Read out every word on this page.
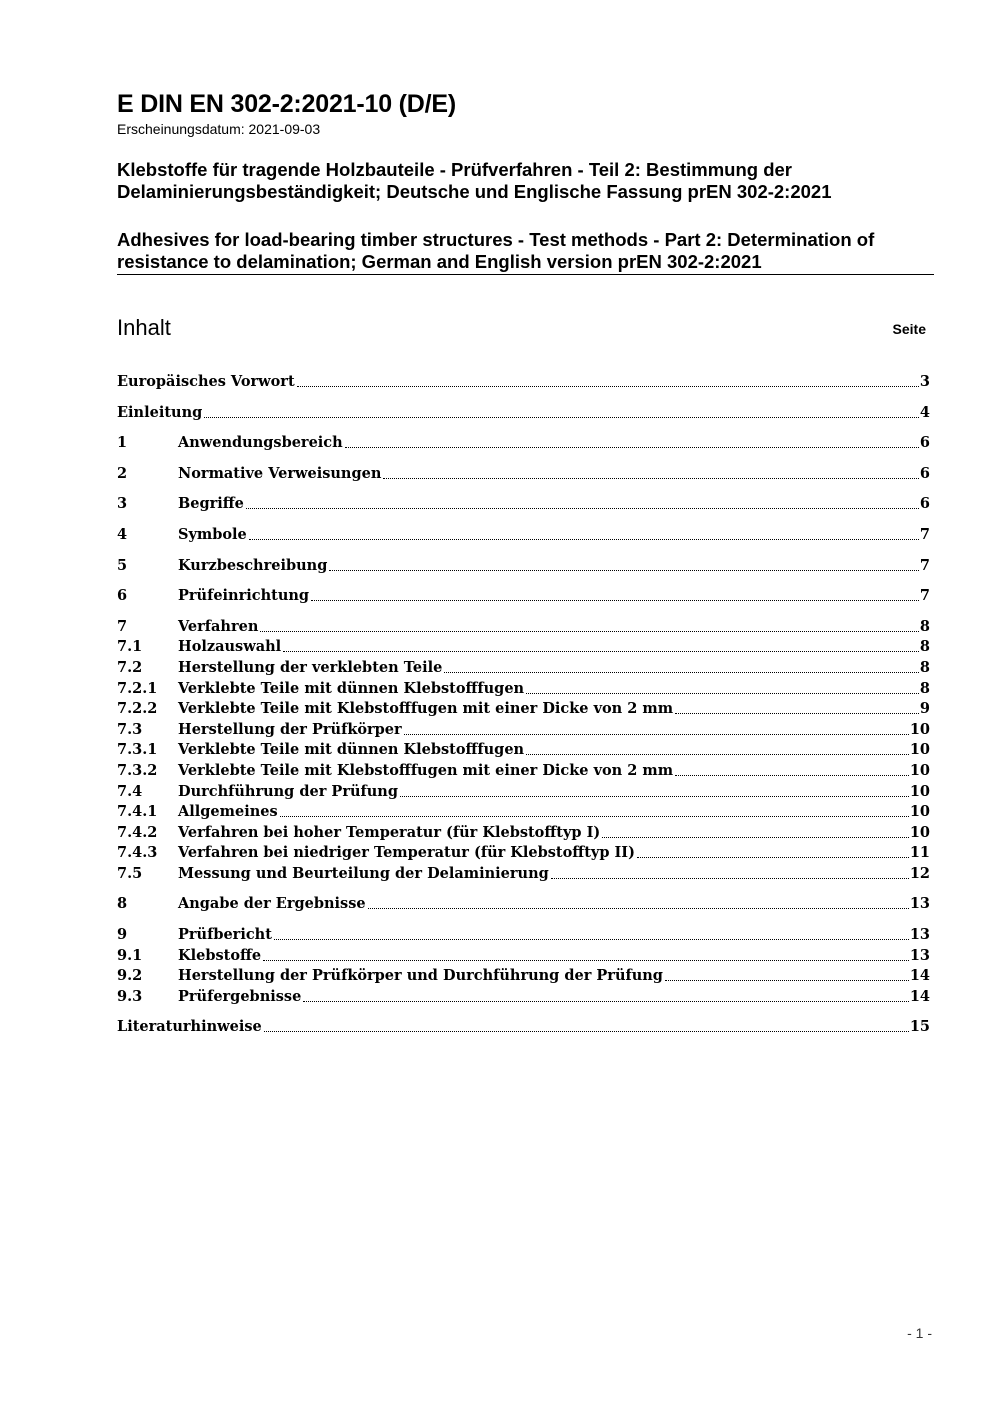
E DIN EN 302-2:2021-10 (D/E)
Erscheinungsdatum: 2021-09-03
Klebstoffe für tragende Holzbauteile - Prüfverfahren - Teil 2: Bestimmung der Delaminierungsbeständigkeit; Deutsche und Englische Fassung prEN 302-2:2021
Adhesives for load-bearing timber structures - Test methods - Part 2: Determination of resistance to delamination; German and English version prEN 302-2:2021
Inhalt	Seite
Europäisches Vorwort	3
Einleitung	4
1	Anwendungsbereich	6
2	Normative Verweisungen	6
3	Begriffe	6
4	Symbole	7
5	Kurzbeschreibung	7
6	Prüfeinrichtung	7
7	Verfahren	8
7.1 Holzauswahl	8
7.2 Herstellung der verklebten Teile	8
7.2.1 Verklebte Teile mit dünnen Klebstofffugen	8
7.2.2 Verklebte Teile mit Klebstofffugen mit einer Dicke von 2 mm	9
7.3 Herstellung der Prüfkörper	10
7.3.1 Verklebte Teile mit dünnen Klebstofffugen	10
7.3.2 Verklebte Teile mit Klebstofffugen mit einer Dicke von 2 mm	10
7.4 Durchführung der Prüfung	10
7.4.1 Allgemeines	10
7.4.2 Verfahren bei hoher Temperatur (für Klebstofftyp I)	10
7.4.3 Verfahren bei niedriger Temperatur (für Klebstofftyp II)	11
7.5 Messung und Beurteilung der Delaminierung	12
8	Angabe der Ergebnisse	13
9	Prüfbericht	13
9.1 Klebstoffe	13
9.2 Herstellung der Prüfkörper und Durchführung der Prüfung	14
9.3 Prüfergebnisse	14
Literaturhinweise	15
- 1 -
